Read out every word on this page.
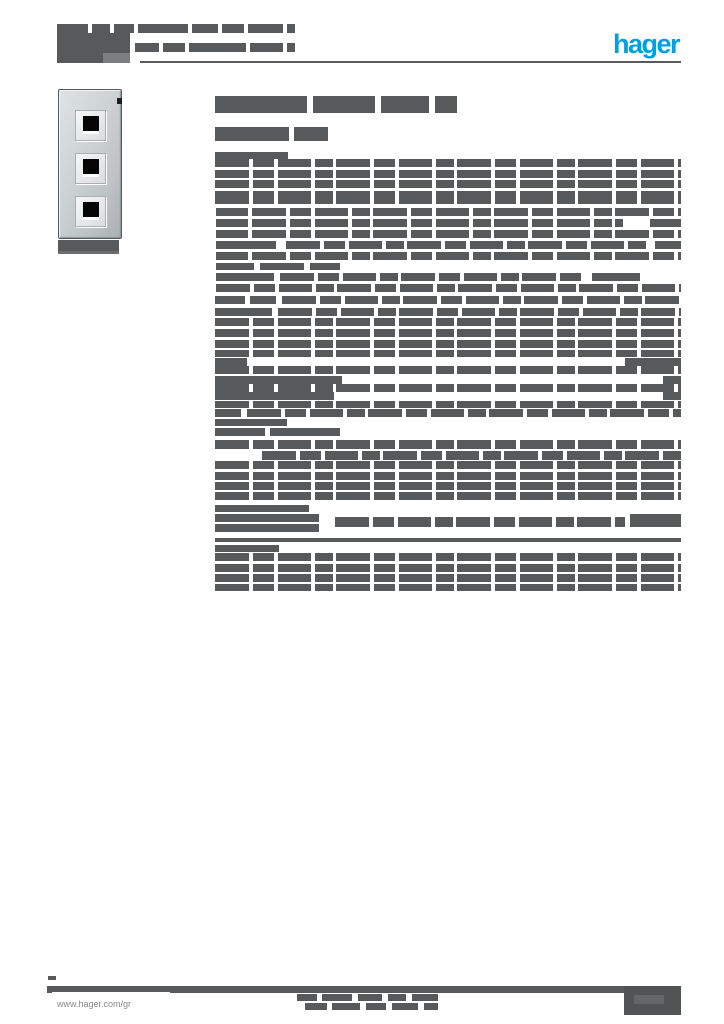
hager
www.hager.com/gr
